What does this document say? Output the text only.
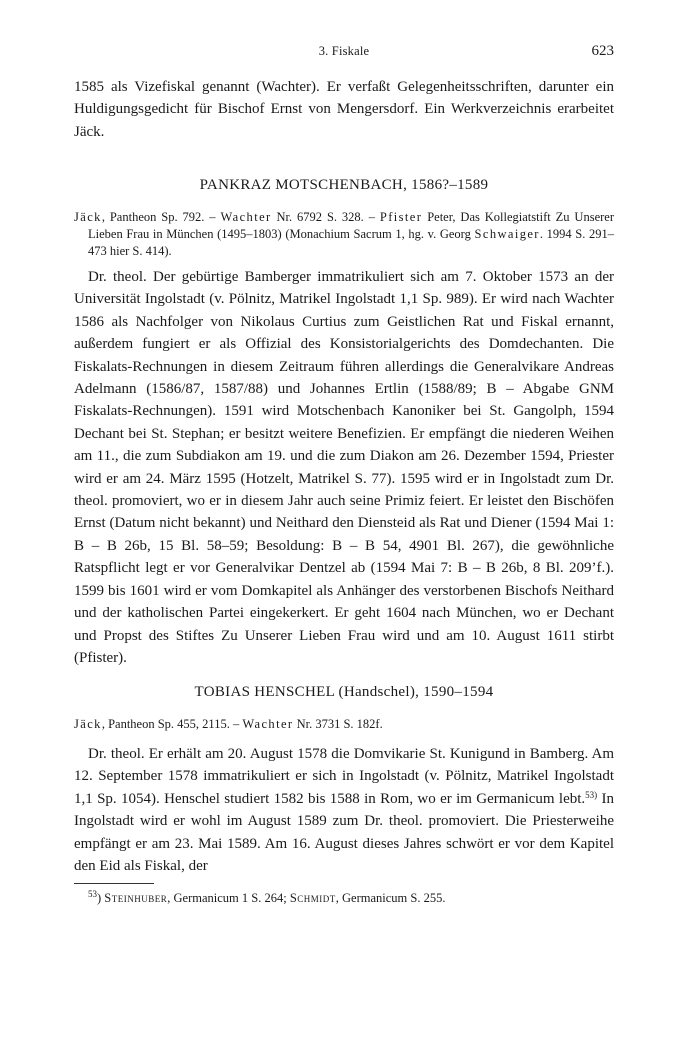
3. Fiskale	623

1585 als Vizefiskal genannt (Wachter). Er verfaßt Gelegenheitsschriften, darunter ein Huldigungsgedicht für Bischof Ernst von Mengersdorf. Ein Werkverzeichnis erarbeitet Jäck.

PANKRAZ MOTSCHENBACH, 1586?–1589
Jäck, Pantheon Sp. 792. – Wachter Nr. 6792 S. 328. – Pfister Peter, Das Kollegiatstift Zu Unserer Lieben Frau in München (1495–1803) (Monachium Sacrum 1, hg. v. Georg Schwaiger. 1994 S. 291–473 hier S. 414).

Dr. theol. Der gebürtige Bamberger immatrikuliert sich am 7. Oktober 1573 an der Universität Ingolstadt (v. Pölnitz, Matrikel Ingolstadt 1,1 Sp. 989). Er wird nach Wachter 1586 als Nachfolger von Nikolaus Curtius zum Geistlichen Rat und Fiskal ernannt, außerdem fungiert er als Offizial des Konsistorialgerichts des Domdechanten. Die Fiskalats-Rechnungen in diesem Zeitraum führen allerdings die Generalvikare Andreas Adelmann (1586/87, 1587/88) und Johannes Ertlin (1588/89; B – Abgabe GNM Fiskalats-Rechnungen). 1591 wird Motschenbach Kanoniker bei St. Gangolph, 1594 Dechant bei St. Stephan; er besitzt weitere Benefizien. Er empfängt die niederen Weihen am 11., die zum Subdiakon am 19. und die zum Diakon am 26. Dezember 1594, Priester wird er am 24. März 1595 (Hotzelt, Matrikel S. 77). 1595 wird er in Ingolstadt zum Dr. theol. promoviert, wo er in diesem Jahr auch seine Primiz feiert. Er leistet den Bischöfen Ernst (Datum nicht bekannt) und Neithard den Diensteid als Rat und Diener (1594 Mai 1: B – B 26b, 15 Bl. 58–59; Besoldung: B – B 54, 4901 Bl. 267), die gewöhnliche Ratspflicht legt er vor Generalvikar Dentzel ab (1594 Mai 7: B – B 26b, 8 Bl. 209’f.). 1599 bis 1601 wird er vom Domkapitel als Anhänger des verstorbenen Bischofs Neithard und der katholischen Partei eingekerkert. Er geht 1604 nach München, wo er Dechant und Propst des Stiftes Zu Unserer Lieben Frau wird und am 10. August 1611 stirbt (Pfister).

TOBIAS HENSCHEL (Handschel), 1590–1594
Jäck, Pantheon Sp. 455, 2115. – Wachter Nr. 3731 S. 182f.

Dr. theol. Er erhält am 20. August 1578 die Domvikarie St. Kunigund in Bamberg. Am 12. September 1578 immatrikuliert er sich in Ingolstadt (v. Pölnitz, Matrikel Ingolstadt 1,1 Sp. 1054). Henschel studiert 1582 bis 1588 in Rom, wo er im Germanicum lebt.$^{53)}$ In Ingolstadt wird er wohl im August 1589 zum Dr. theol. promoviert. Die Priesterweihe empfängt er am 23. Mai 1589. Am 16. August dieses Jahres schwört er vor dem Kapitel den Eid als Fiskal, der

$^{53}$) Steinhuber, Germanicum 1 S. 264; Schmidt, Germanicum S. 255.
